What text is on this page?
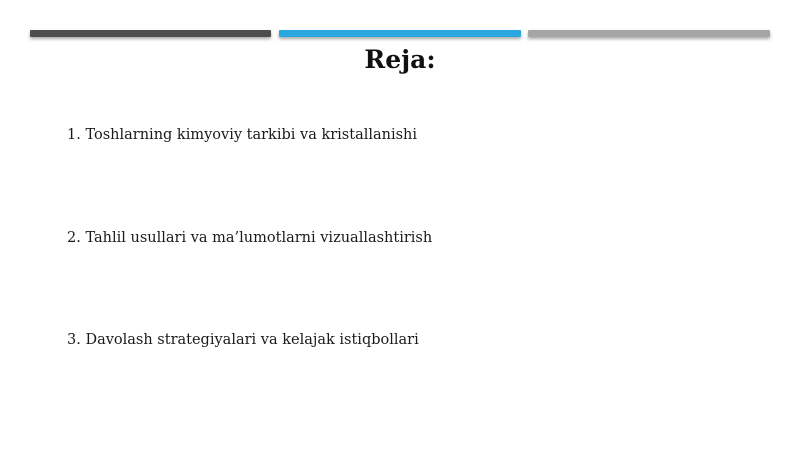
Reja:
1. Toshlarning kimyoviy tarkibi va kristallanishi
2. Tahlil usullari va ma’lumotlarni vizuallashtirish
3. Davolash strategiyalari va kelajak istiqbollari
